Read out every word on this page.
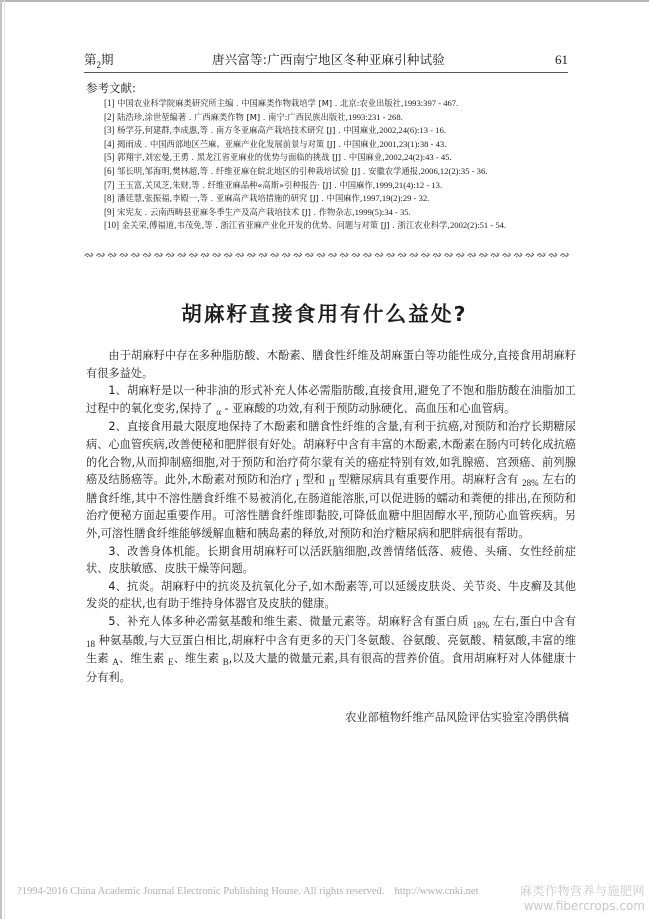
第$_2$期	唐兴富等:广西南宁地区冬种亚麻引种试验	61
参考文献:
[1] 中国农业科学院麻类研究所主编 . 中国麻类作物栽培学 [M] . 北京:农业出版社,1993:397 - 467.
[2] 陆浩珍,涂世堃编著 . 广西麻类作物 [M] . 南宁:广西民族出版社,1993:231 - 268.
[3] 杨学芬,何建群,李成惠,等 . 南方冬亚麻高产栽培技术研究 [J] . 中国麻业,2002,24(6):13 - 16.
[4] 揭雨成 . 中国西部地区苎麻、亚麻产业化发展前景与对策 [J] . 中国麻业,2001,23(1):38 - 43.
[5] 郭翔宇,刘宏曼,王勇 . 黑龙江省亚麻业的优势与面临的挑战 [J] . 中国麻业,2002,24(2):43 - 45.
[6] 邹长明,邹海明,樊林超,等 . 纤维亚麻在皖北地区的引种栽培试验 [J] . 安徽农学通报,2006,12(2):35 - 36.
[7] 王玉富,关凤芝,朱财,等 . 纤维亚麻品种«高斯»引种报告· [J] . 中国麻作,1999,21(4):12 - 13.
[8] 潘廷慧,张振福,李殿一,等 . 亚麻高产栽培措施的研究 [J] . 中国麻作,1997,19(2):29 - 32.
[9] 宋宪友 . 云南西畴县亚麻冬季生产及高产栽培技术 [J] . 作物杂志,1999(5):34 - 35.
[10] 金关荣,傅福道,韦茂免,等 . 浙江省亚麻产业化开发的优势、问题与对策 [J] . 浙江农业科学,2002(2):51 - 54.
胡麻籽直接食用有什么益处?

由于胡麻籽中存在多种脂肪酸、木酚素、膳食性纤维及胡麻蛋白等功能性成分,直接食用胡麻籽有很多益处。

1、胡麻籽是以一种非油的形式补充人体必需脂肪酸,直接食用,避免了不饱和脂肪酸在油脂加工过程中的氧化变劣,保持了 $_\alpha$ - 亚麻酸的功效,有利于预防动脉硬化、高血压和心血管病。

2、直接食用最大限度地保持了木酚素和膳食性纤维的含量,有利于抗癌,对预防和治疗长期糖尿病、心血管疾病,改善便秘和肥胖很有好处。胡麻籽中含有丰富的木酚素,木酚素在肠内可转化成抗癌的化合物,从而抑制癌细胞,对于预防和治疗荷尔蒙有关的癌症特别有效,如乳腺癌、宫颈癌、前列腺癌及结肠癌等。此外,木酚素对预防和治疗 $_I$ 型和 $_{II}$ 型糖尿病具有重要作用。胡麻籽含有 $_{28\%}$ 左右的膳食纤维,其中不溶性膳食纤维不易被消化,在肠道能溶胀,可以促进肠的蠕动和粪便的排出,在预防和治疗便秘方面起重要作用。可溶性膳食纤维即黏胶,可降低血糖中胆固醇水平,预防心血管疾病。另外,可溶性膳食纤维能够缓解血糖和胰岛素的释放,对预防和治疗糖尿病和肥胖病很有帮助。

3、改善身体机能。长期食用胡麻籽可以活跃脑细胞,改善情绪低落、疲倦、头痛、女性经前症状、皮肤敏感、皮肤干燥等问题。

4、抗炎。胡麻籽中的抗炎及抗氧化分子,如木酚素等,可以延缓皮肤炎、关节炎、牛皮癣及其他发炎的症状,也有助于维持身体器官及皮肤的健康。

5、补充人体多种必需氨基酸和维生素、微量元素等。胡麻籽含有蛋白质 $_{18\%}$ 左右,蛋白中含有 $_{18}$ 种氨基酸,与大豆蛋白相比,胡麻籽中含有更多的天门冬氨酸、谷氨酸、亮氨酸、精氨酸,丰富的维生素 $_A$、维生素 $_E$、维生素 $_B$,以及大量的微量元素,具有很高的营养价值。食用胡麻籽对人体健康十分有利。

农业部植物纤维产品风险评估实验室冷鹃供稿
?1994-2016 China Academic Journal Electronic Publishing House. All rights reserved. http://www.cnki.net	麻类作物营养与施肥网
www.fibercrops.com
